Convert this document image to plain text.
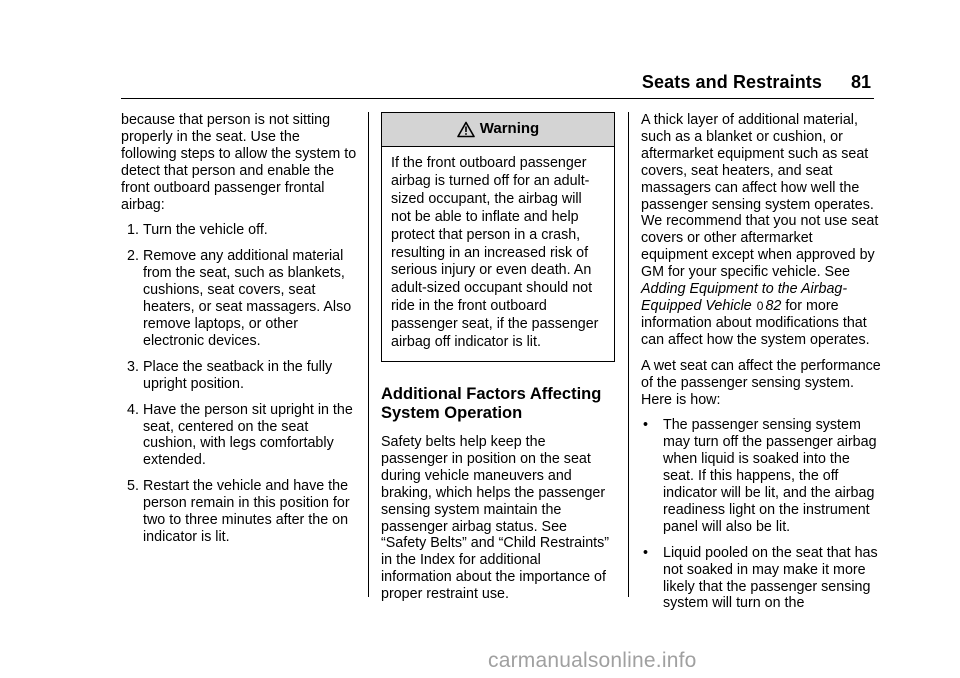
Seats and Restraints 81

because that person is not sitting properly in the seat. Use the following steps to allow the system to detect that person and enable the front outboard passenger frontal airbag:

1. Turn the vehicle off.
2. Remove any additional material from the seat, such as blankets, cushions, seat covers, seat heaters, or seat massagers. Also remove laptops, or other electronic devices.
3. Place the seatback in the fully upright position.
4. Have the person sit upright in the seat, centered on the seat cushion, with legs comfortably extended.
5. Restart the vehicle and have the person remain in this position for two to three minutes after the on indicator is lit.
Warning
If the front outboard passenger airbag is turned off for an adult-sized occupant, the airbag will not be able to inflate and help protect that person in a crash, resulting in an increased risk of serious injury or even death. An adult-sized occupant should not ride in the front outboard passenger seat, if the passenger airbag off indicator is lit.

Additional Factors Affecting System Operation

Safety belts help keep the passenger in position on the seat during vehicle maneuvers and braking, which helps the passenger sensing system maintain the passenger airbag status. See “Safety Belts” and “Child Restraints” in the Index for additional information about the importance of proper restraint use.

A thick layer of additional material, such as a blanket or cushion, or aftermarket equipment such as seat covers, seat heaters, and seat massagers can affect how well the passenger sensing system operates. We recommend that you not use seat covers or other aftermarket equipment except when approved by GM for your specific vehicle. See Adding Equipment to the Airbag-Equipped Vehicle 0 82 for more information about modifications that can affect how the system operates.

A wet seat can affect the performance of the passenger sensing system. Here is how:

• The passenger sensing system may turn off the passenger airbag when liquid is soaked into the seat. If this happens, the off indicator will be lit, and the airbag readiness light on the instrument panel will also be lit.
• Liquid pooled on the seat that has not soaked in may make it more likely that the passenger sensing system will turn on the
carmanualsonline.info
